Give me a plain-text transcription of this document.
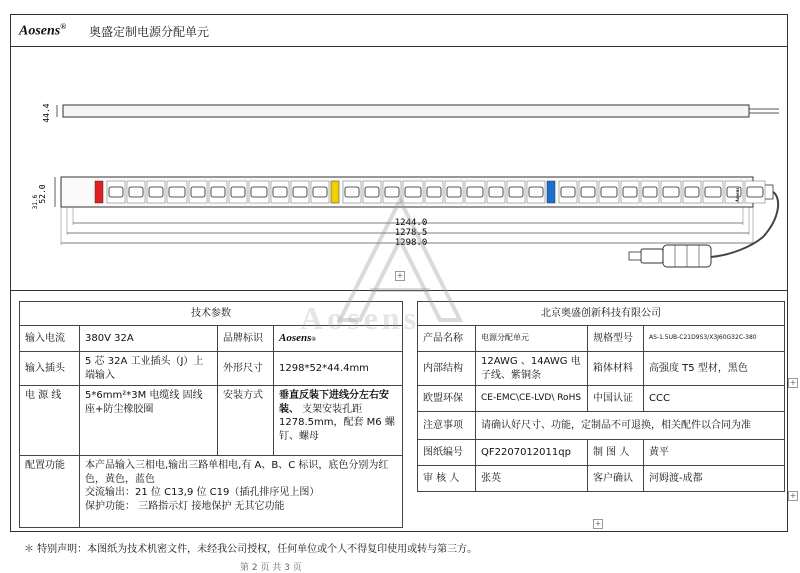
Aosens® 奥盛定制电源分配单元
44.4
Aosens
52.0
31.6
1244.0
1278.5
1298.0
技术参数			
输入电流	380V 32A	品牌标识	Aosens®
输入插头	5 芯 32A 工业插头（J）上端输入	外形尺寸	1298*52*44.4mm
电 源 线	5*6mm²*3M 电缆线 固线座+防尘橡胶圈	安装方式	垂直反装下进线分左右安装、 支架安装孔距 1278.5mm，配套 M6 螺钉、螺母
配置功能	本产品输入三相电,输出三路单相电,有 A、B、C 标识，底色分别为红色，黄色，蓝色
交流输出：21 位 C13,9 位 C19（插孔排序见上图）
保护功能： 三路指示灯 接地保护 无其它功能		
北京奥盛创新科技有限公司			
产品名称	电源分配单元	规格型号	AS-1.5UB-C21D9S3/X3J60G32C-380
内部结构	12AWG 、14AWG 电子线、紫铜条	箱体材料	高强度 T5 型材，黑色
欧盟环保	CE-EMC\CE-LVD\ RoHS	中国认证	CCC
注意事项	请确认好尺寸、功能，定制品不可退换，相关配件以合同为准		
图纸编号	QF2207012011qp	制 图 人	黄平
审 核 人	张英	客户确认	河姆渡-成都
Aosens
+
+
+
+
＊ 特别声明：本图纸为技术机密文件，未经我公司授权，任何单位或个人不得复印使用或转与第三方。
第 2 页 共 3 页
